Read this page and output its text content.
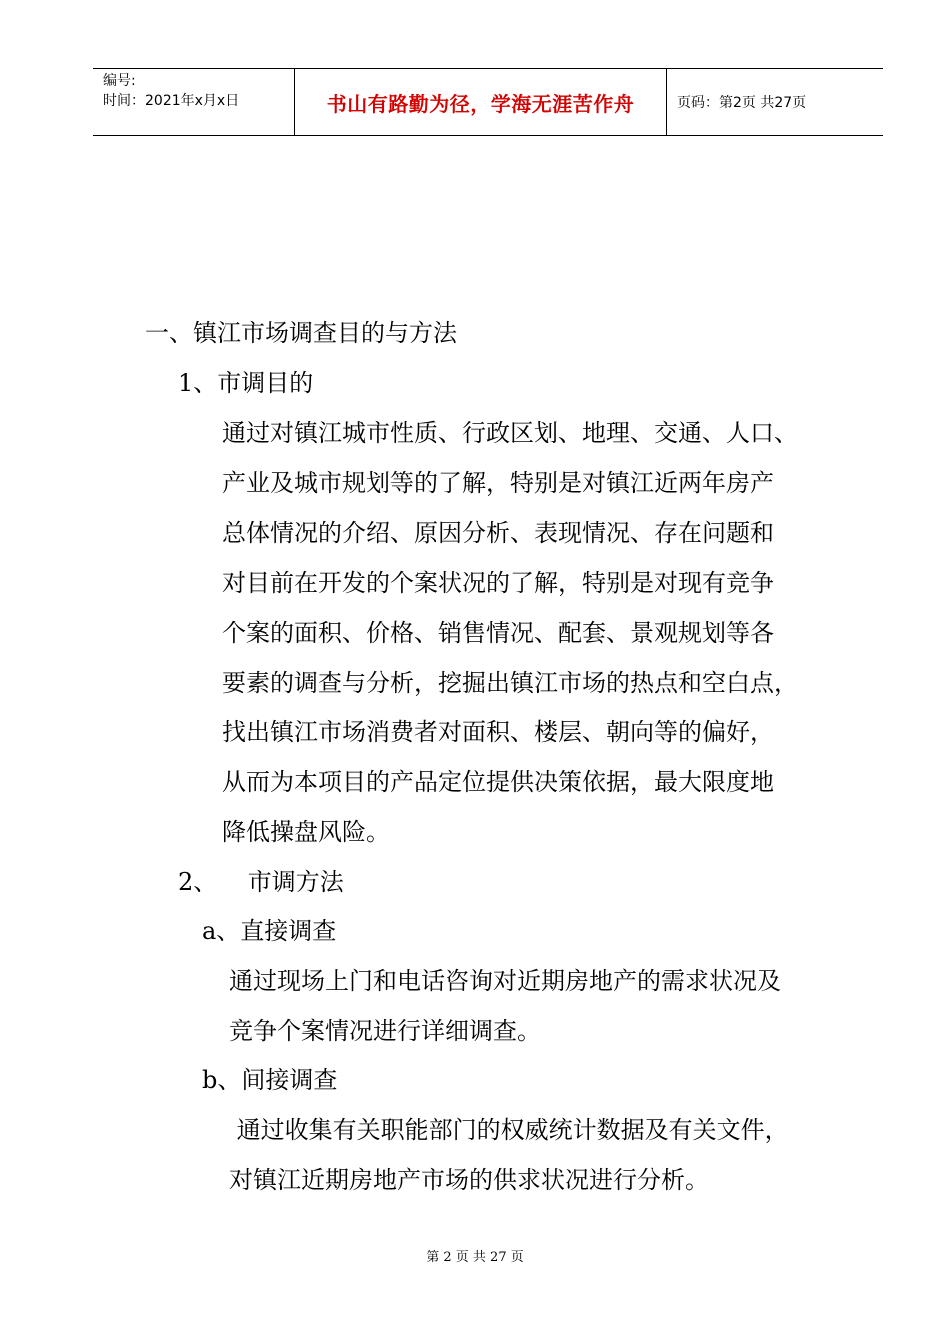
编号:
时间：2021年x月x日	书山有路勤为径，学海无涯苦作舟	页码：第2页 共27页
一、镇江市场调查目的与方法
1、市调目的
通过对镇江城市性质、行政区划、地理、交通、人口、
产业及城市规划等的了解，特别是对镇江近两年房产
总体情况的介绍、原因分析、表现情况、存在问题和
对目前在开发的个案状况的了解，特别是对现有竞争
个案的面积、价格、销售情况、配套、景观规划等各
要素的调查与分析，挖掘出镇江市场的热点和空白点，
找出镇江市场消费者对面积、楼层、朝向等的偏好，
从而为本项目的产品定位提供决策依据，最大限度地
降低操盘风险。
2、    市调方法
a、直接调查
通过现场上门和电话咨询对近期房地产的需求状况及
竞争个案情况进行详细调查。
b、间接调查
通过收集有关职能部门的权威统计数据及有关文件，
对镇江近期房地产市场的供求状况进行分析。
第 2 页 共 27 页
